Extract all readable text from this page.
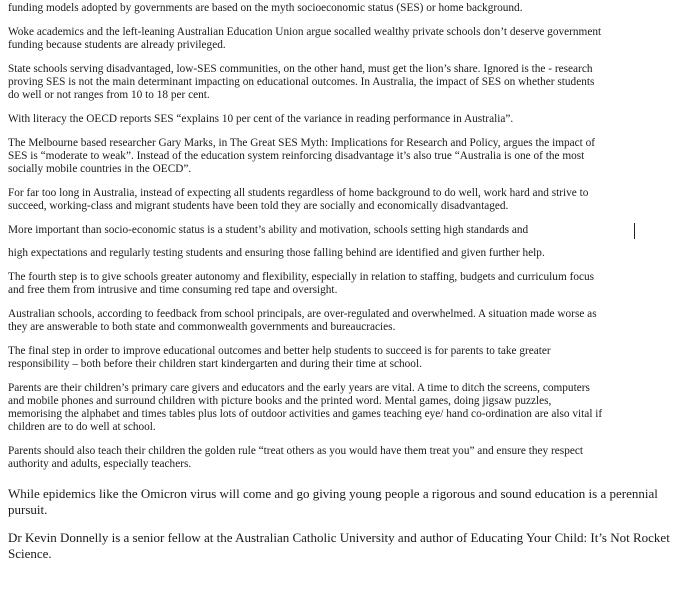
funding models adopted by governments are based on the myth socioeconomic status (SES) or home background.

Woke academics and the left-leaning Australian Education Union argue socalled wealthy private schools don’t deserve government funding because students are already privileged.

State schools serving disadvantaged, low-SES communities, on the other hand, must get the lion’s share. Ignored is the - research proving SES is not the main determinant impacting on educational outcomes. In Australia, the impact of SES on whether students do well or not ranges from 10 to 18 per cent.

With literacy the OECD reports SES “explains 10 per cent of the variance in reading performance in Australia”.

The Melbourne based researcher Gary Marks, in The Great SES Myth: Implications for Research and Policy, argues the impact of SES is “moderate to weak”. Instead of the education system reinforcing disadvantage it’s also true “Australia is one of the most socially mobile countries in the OECD”.

For far too long in Australia, instead of expecting all students regardless of home background to do well, work hard and strive to succeed, working-class and migrant students have been told they are socially and economically disadvantaged.

More important than socio-economic status is a student’s ability and motivation, schools setting high standards and

high expectations and regularly testing students and ensuring those falling behind are identified and given further help.

The fourth step is to give schools greater autonomy and flexibility, especially in relation to staffing, budgets and curriculum focus and free them from intrusive and time consuming red tape and oversight.

Australian schools, according to feedback from school principals, are over-regulated and overwhelmed. A situation made worse as they are answerable to both state and commonwealth governments and bureaucracies.

The final step in order to improve educational outcomes and better help students to succeed is for parents to take greater responsibility – both before their children start kindergarten and during their time at school.

Parents are their children’s primary care givers and educators and the early years are vital. A time to ditch the screens, computers and mobile phones and surround children with picture books and the printed word. Mental games, doing jigsaw puzzles, memorising the alphabet and times tables plus lots of outdoor activities and games teaching eye/ hand co-ordination are also vital if children are to do well at school.

Parents should also teach their children the golden rule “treat others as you would have them treat you” and ensure they respect authority and adults, especially teachers.

While epidemics like the Omicron virus will come and go giving young people a rigorous and sound education is a perennial pursuit.

Dr Kevin Donnelly is a senior fellow at the Australian Catholic University and author of Educating Your Child: It’s Not Rocket Science.
